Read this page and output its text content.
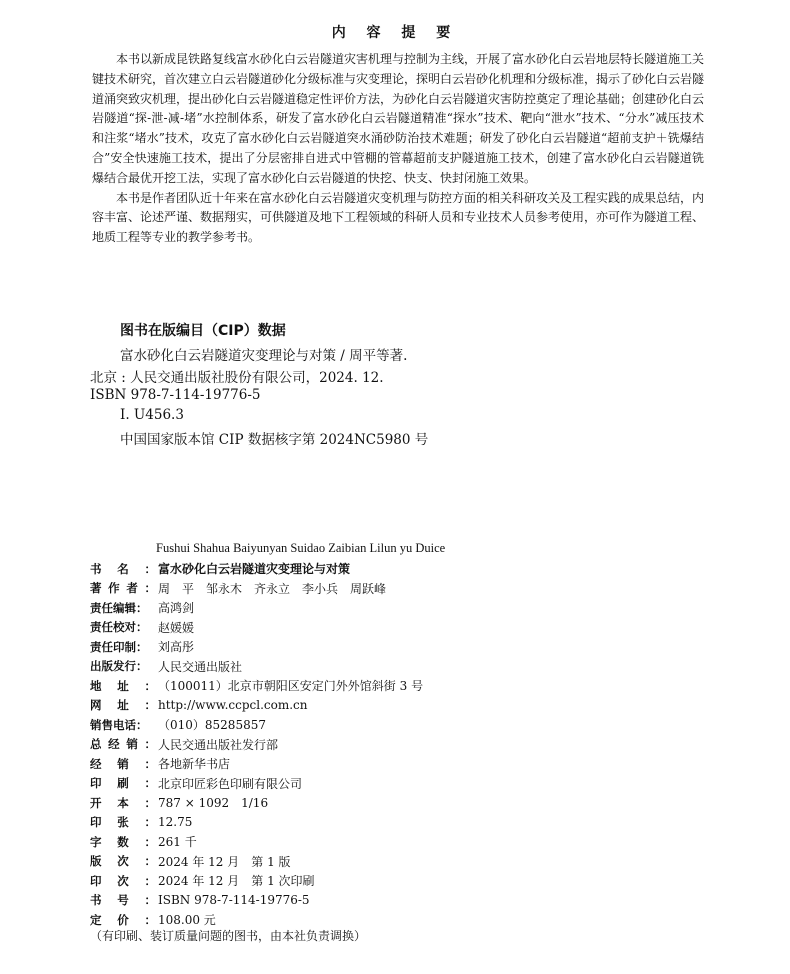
内 容 提 要

本书以新成昆铁路复线富水砂化白云岩隧道灾害机理与控制为主线，开展了富水砂化白云岩地层特长隧道施工关键技术研究，首次建立白云岩隧道砂化分级标准与灾变理论，探明白云岩砂化机理和分级标准，揭示了砂化白云岩隧道涌突致灾机理，提出砂化白云岩隧道稳定性评价方法，为砂化白云岩隧道灾害防控奠定了理论基础；创建砂化白云岩隧道“探-泄-减-堵”水控制体系，研发了富水砂化白云岩隧道精准“探水”技术、靶向“泄水”技术、“分水”减压技术和注浆“堵水”技术，攻克了富水砂化白云岩隧道突水涌砂防治技术难题；研发了砂化白云岩隧道“超前支护＋铣爆结合”安全快速施工技术，提出了分层密排自进式中管棚的管幕超前支护隧道施工技术，创建了富水砂化白云岩隧道铣爆结合最优开挖工法，实现了富水砂化白云岩隧道的快挖、快支、快封闭施工效果。

本书是作者团队近十年来在富水砂化白云岩隧道灾变机理与防控方面的相关科研攻关及工程实践的成果总结，内容丰富、论述严谨、数据翔实，可供隧道及地下工程领域的科研人员和专业技术人员参考使用，亦可作为隧道工程、地质工程等专业的教学参考书。

图书在版编目（CIP）数据

富水砂化白云岩隧道灾变理论与对策 / 周平等著.

北京 : 人民交通出版社股份有限公司，2024. 12.

ISBN 978-7-114-19776-5

Ⅰ. U456.3

中国国家版本馆 CIP 数据核字第 2024NC5980 号

Fushui Shahua Baiyunyan Suidao Zaibian Lilun yu Duice

书 名 ： 富水砂化白云岩隧道灾变理论与对策
著 作 者 ： 周　平　邹永木　齐永立　李小兵　周跃峰
责 任 编 辑 ： 高鸿剑
责 任 校 对 ： 赵媛媛
责 任 印 制 ： 刘高彤
出 版 发 行 ： 人民交通出版社
地 址 ： （100011）北京市朝阳区安定门外外馆斜街 3 号
网 址 ： http://www.ccpcl.com.cn
销 售 电 话 ： （010）85285857
总 经 销 ： 人民交通出版社发行部
经 销 ： 各地新华书店
印 刷 ： 北京印匠彩色印刷有限公司
开 本 ： 787 × 1092　1/16
印 张 ： 12.75
字 数 ： 261 千
版 次 ： 2024 年 12 月　第 1 版
印 次 ： 2024 年 12 月　第 1 次印刷
书 号 ： ISBN 978-7-114-19776-5
定 价 ： 108.00 元

（有印刷、装订质量问题的图书，由本社负责调换）
